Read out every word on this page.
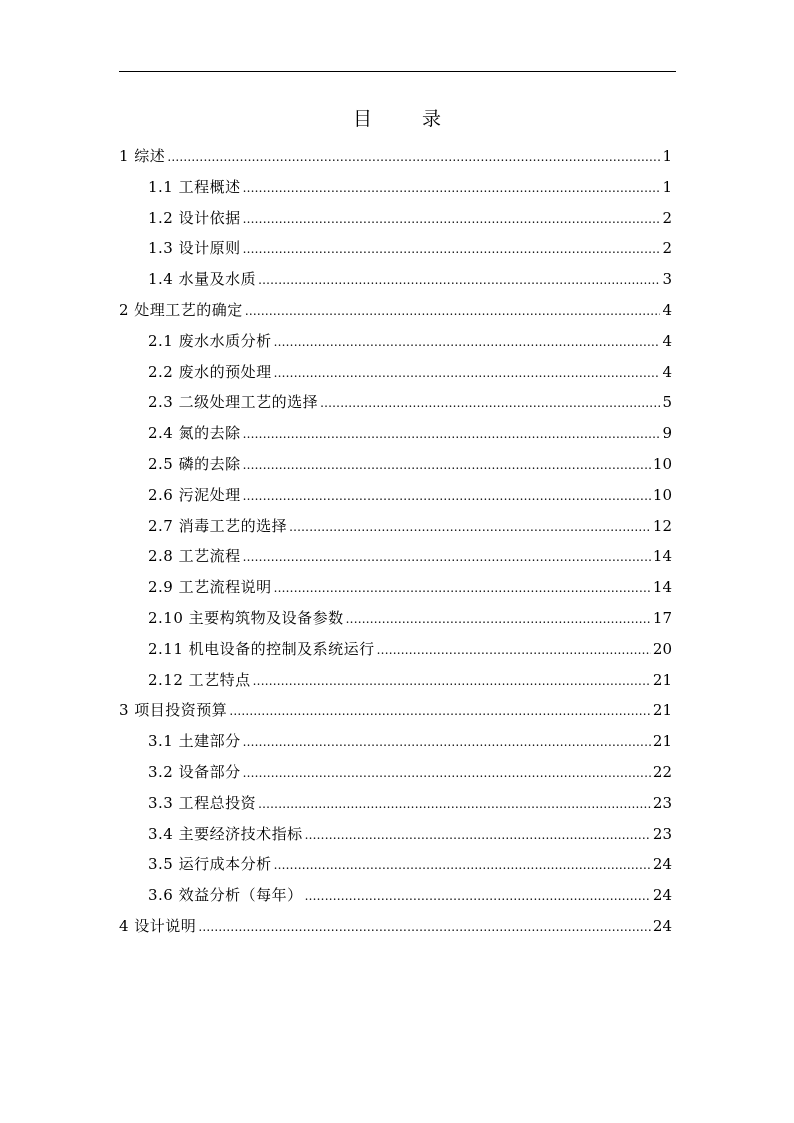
目 录
1 综述 .....	1
1.1 工程概述 .....	1
1.2 设计依据 .....	2
1.3 设计原则 .....	2
1.4 水量及水质 .....	3
2 处理工艺的确定 .....	4
2.1 废水水质分析 .....	4
2.2 废水的预处理 .....	4
2.3 二级处理工艺的选择 .....	5
2.4 氮的去除 .....	9
2.5 磷的去除 .....	10
2.6 污泥处理 .....	10
2.7 消毒工艺的选择 .....	12
2.8 工艺流程 .....	14
2.9 工艺流程说明 .....	14
2.10 主要构筑物及设备参数 .....	17
2.11 机电设备的控制及系统运行 .....	20
2.12 工艺特点 .....	21
3 项目投资预算 .....	21
3.1 土建部分 .....	21
3.2 设备部分 .....	22
3.3 工程总投资 .....	23
3.4 主要经济技术指标 .....	23
3.5 运行成本分析 .....	24
3.6 效益分析（每年） .....	24
4 设计说明 .....	24
